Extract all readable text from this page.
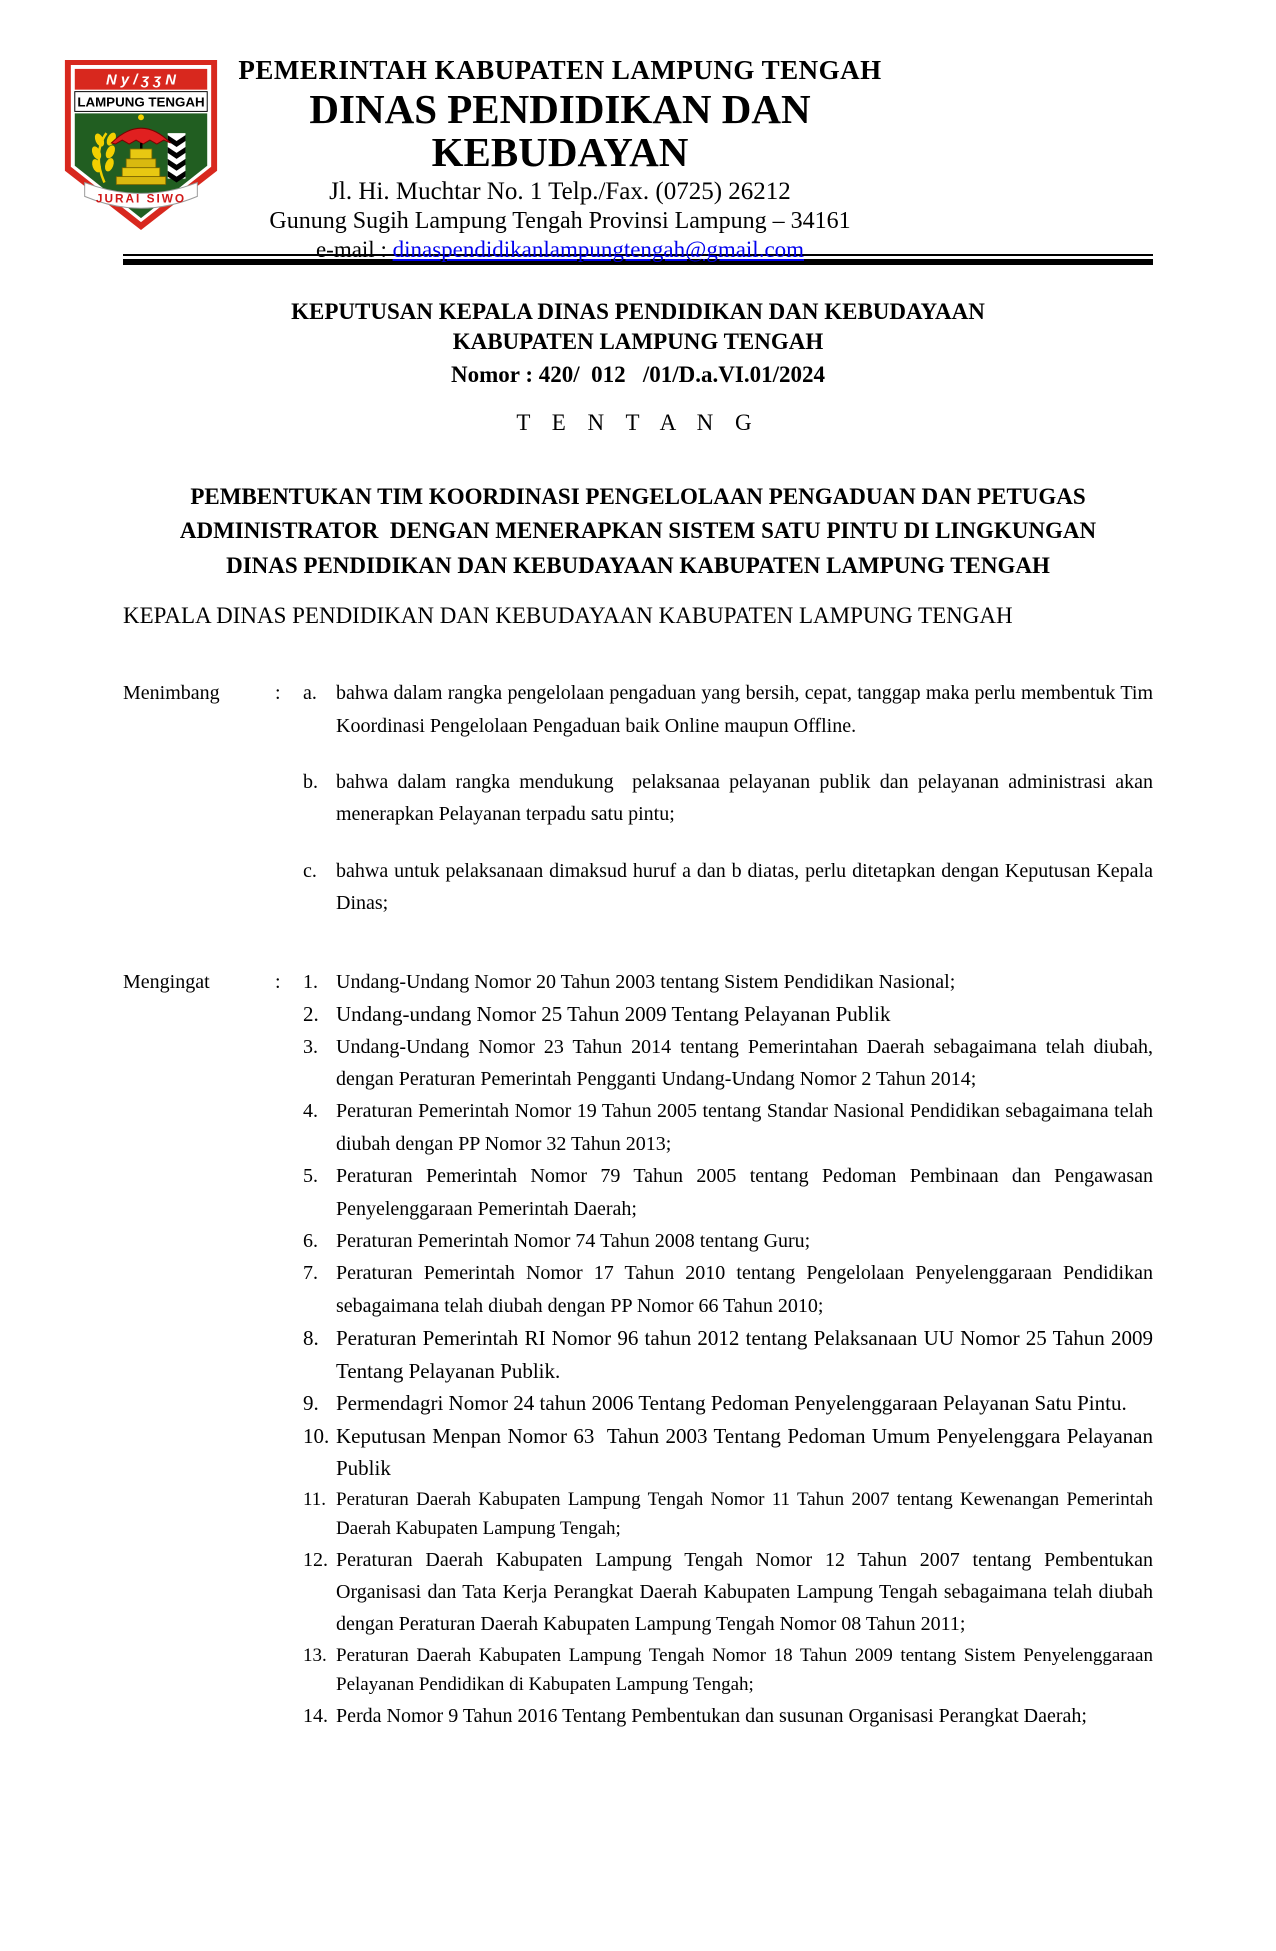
N y / ʒ ʒ N
LAMPUNG TENGAH
JURAI SIWO
PEMERINTAH KABUPATEN LAMPUNG TENGAH
DINAS PENDIDIKAN DAN KEBUDAYAN
Jl. Hi. Muchtar No. 1 Telp./Fax. (0725) 26212
Gunung Sugih Lampung Tengah Provinsi Lampung – 34161
e-mail : dinaspendidikanlampungtengah@gmail.com
KEPUTUSAN KEPALA DINAS PENDIDIKAN DAN KEBUDAYAAN
KABUPATEN LAMPUNG TENGAH
Nomor : 420/  012   /01/D.a.VI.01/2024
T E N T A N G
PEMBENTUKAN TIM KOORDINASI PENGELOLAAN PENGADUAN DAN PETUGAS
ADMINISTRATOR  DENGAN MENERAPKAN SISTEM SATU PINTU DI LINGKUNGAN
DINAS PENDIDIKAN DAN KEBUDAYAAN KABUPATEN LAMPUNG TENGAH
KEPALA DINAS PENDIDIKAN DAN KEBUDAYAAN KABUPATEN LAMPUNG TENGAH
Menimbang	:	a. bahwa dalam rangka pengelolaan pengaduan yang bersih, cepat, tanggap maka perlu membentuk Tim Koordinasi Pengelolaan Pengaduan baik Online maupun Offline.
b. bahwa dalam rangka mendukung  pelaksanaa pelayanan publik dan pelayanan administrasi akan menerapkan Pelayanan terpadu satu pintu;
c. bahwa untuk pelaksanaan dimaksud huruf a dan b diatas, perlu ditetapkan dengan Keputusan Kepala Dinas;
Mengingat	:	1. Undang-Undang Nomor 20 Tahun 2003 tentang Sistem Pendidikan Nasional;
2. Undang-undang Nomor 25 Tahun 2009 Tentang Pelayanan Publik
3. Undang-Undang Nomor 23 Tahun 2014 tentang Pemerintahan Daerah sebagaimana telah diubah, dengan Peraturan Pemerintah Pengganti Undang-Undang Nomor 2 Tahun 2014;
4. Peraturan Pemerintah Nomor 19 Tahun 2005 tentang Standar Nasional Pendidikan sebagaimana telah diubah dengan PP Nomor 32 Tahun 2013;
5. Peraturan Pemerintah Nomor 79 Tahun 2005 tentang Pedoman Pembinaan dan Pengawasan Penyelenggaraan Pemerintah Daerah;
6. Peraturan Pemerintah Nomor 74 Tahun 2008 tentang Guru;
7. Peraturan Pemerintah Nomor 17 Tahun 2010 tentang Pengelolaan Penyelenggaraan Pendidikan sebagaimana telah diubah dengan PP Nomor 66 Tahun 2010;
8. Peraturan Pemerintah RI Nomor 96 tahun 2012 tentang Pelaksanaan UU Nomor 25 Tahun 2009 Tentang Pelayanan Publik.
9. Permendagri Nomor 24 tahun 2006 Tentang Pedoman Penyelenggaraan Pelayanan Satu Pintu.
10. Keputusan Menpan Nomor 63  Tahun 2003 Tentang Pedoman Umum Penyelenggara Pelayanan Publik
11. Peraturan Daerah Kabupaten Lampung Tengah Nomor 11 Tahun 2007 tentang Kewenangan Pemerintah Daerah Kabupaten Lampung Tengah;
12. Peraturan Daerah Kabupaten Lampung Tengah Nomor 12 Tahun 2007 tentang Pembentukan Organisasi dan Tata Kerja Perangkat Daerah Kabupaten Lampung Tengah sebagaimana telah diubah dengan Peraturan Daerah Kabupaten Lampung Tengah Nomor 08 Tahun 2011;
13. Peraturan Daerah Kabupaten Lampung Tengah Nomor 18 Tahun 2009 tentang Sistem Penyelenggaraan Pelayanan Pendidikan di Kabupaten Lampung Tengah;
14. Perda Nomor 9 Tahun 2016 Tentang Pembentukan dan susunan Organisasi Perangkat Daerah;
